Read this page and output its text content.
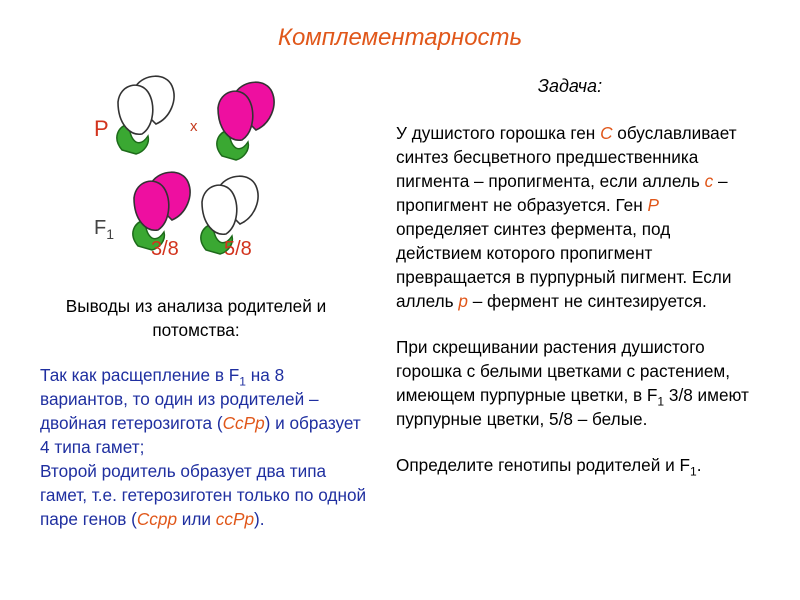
Комплементарность
P	x
$F_1$
3/8 5/8
Выводы из анализа родителей и потомства:

Так как расщепление в $F_1$ на 8 вариантов, то один из родителей – двойная гетерозигота (CcPp) и образует 4 типа гамет;

Второй родитель образует два типа гамет, т.е. гетерозиготен только по одной паре генов (Ccpp или ccPp).

Задача:

У душистого горошка ген C обуславливает синтез бесцветного предшественника пигмента – пропигмента, если аллель c – пропигмент не образуется. Ген P определяет синтез фермента, под действием которого пропигмент превращается в пурпурный пигмент. Если аллель p – фермент не синтезируется.

При скрещивании растения душистого горошка с белыми цветками с растением, имеющем пурпурные цветки, в $F_1$ 3/8 имеют пурпурные цветки, 5/8 – белые.

Определите генотипы родителей и $F_1$.
